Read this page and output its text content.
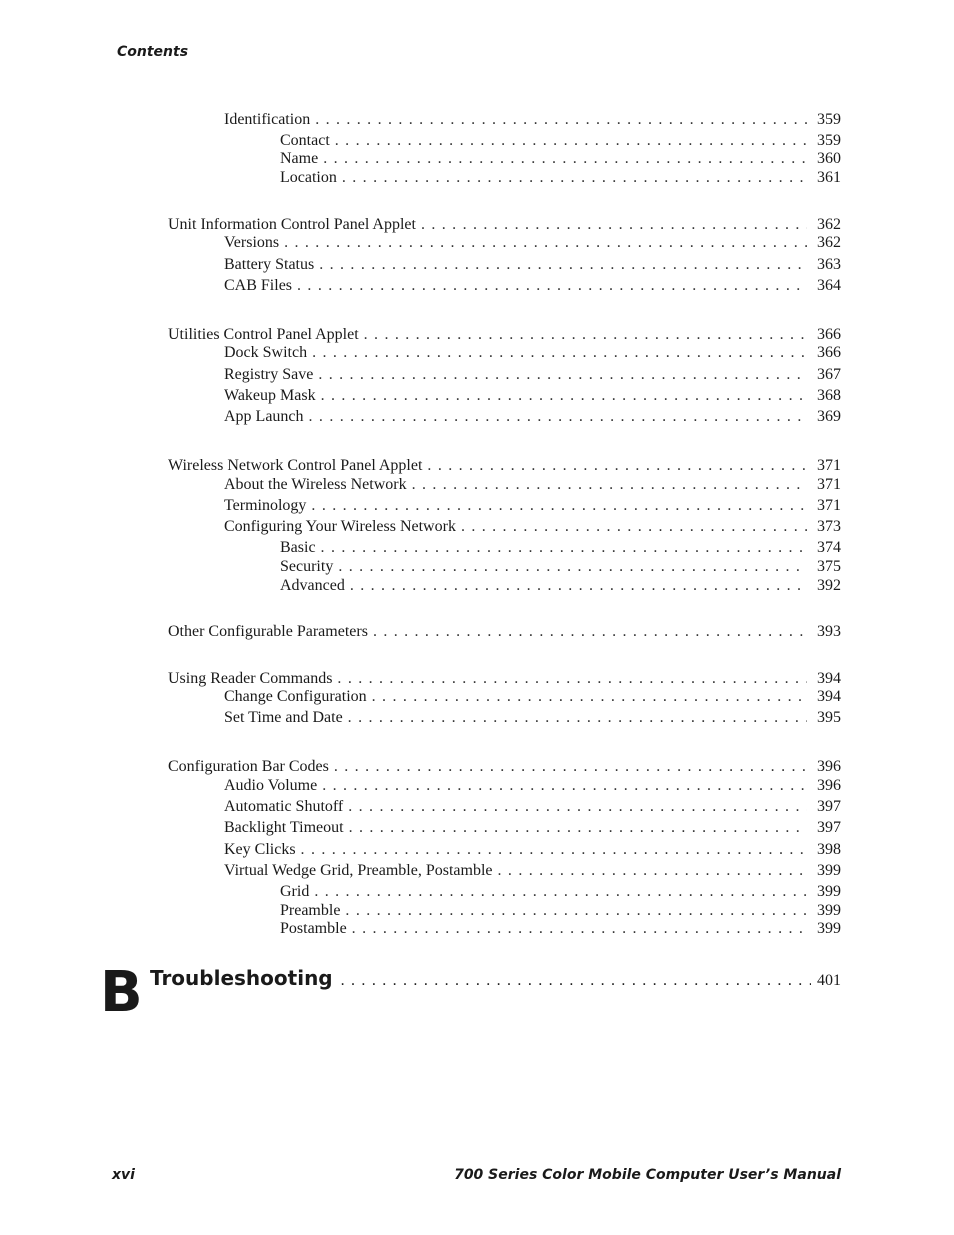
Contents
Identification . . .	359
Contact . . .	359
Name . . .	360
Location . . .	361
Unit Information Control Panel Applet . . .	362
Versions . . .	362
Battery Status . . .	363
CAB Files . . .	364
Utilities Control Panel Applet . . .	366
Dock Switch . . .	366
Registry Save . . .	367
Wakeup Mask . . .	368
App Launch . . .	369
Wireless Network Control Panel Applet . . .	371
About the Wireless Network . . .	371
Terminology . . .	371
Configuring Your Wireless Network . . .	373
Basic . . .	374
Security . . .	375
Advanced . . .	392
Other Configurable Parameters . . .	393
Using Reader Commands . . .	394
Change Configuration . . .	394
Set Time and Date . . .	395
Configuration Bar Codes . . .	396
Audio Volume . . .	396
Automatic Shutoff . . .	397
Backlight Timeout . . .	397
Key Clicks . . .	398
Virtual Wedge Grid, Preamble, Postamble . . .	399
Grid . . .	399
Preamble . . .	399
Postamble . . .	399
B Troubleshooting . . .	401
xvi	700 Series Color Mobile Computer User’s Manual
